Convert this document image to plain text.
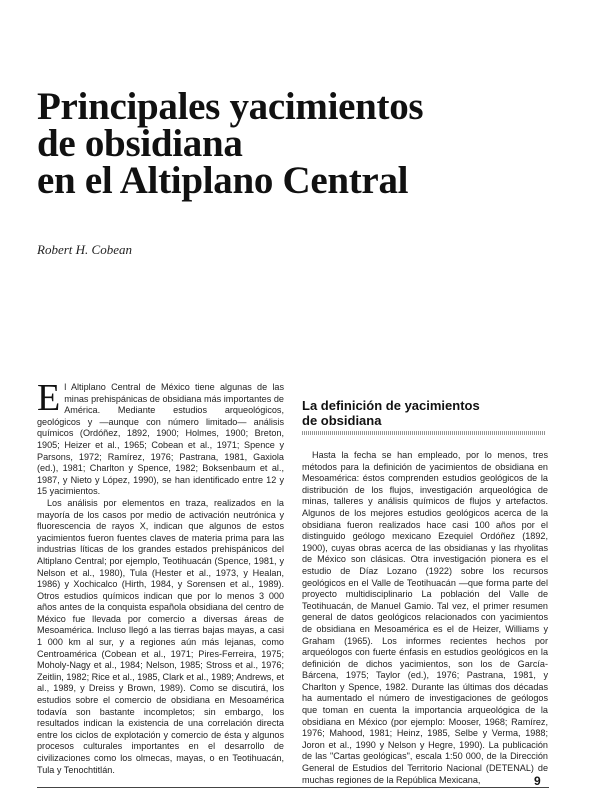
Principales yacimientos
de obsidiana
en el Altiplano Central
Robert H. Cobean

El Altiplano Central de México tiene algunas de las minas prehispánicas de obsidiana más importantes de América. Mediante estudios arqueológicos, geológicos y —aunque con número limitado— análisis químicos (Ordóñez, 1892, 1900; Holmes, 1900; Breton, 1905; Heizer et al., 1965; Cobean et al., 1971; Spence y Parsons, 1972; Ramírez, 1976; Pastrana, 1981, Gaxiola (ed.), 1981; Charlton y Spence, 1982; Boksenbaum et al., 1987, y Nieto y López, 1990), se han identificado entre 12 y 15 yacimientos.

Los análisis por elementos en traza, realizados en la mayoría de los casos por medio de activación neutrónica y fluorescencia de rayos X, indican que algunos de estos yacimientos fueron fuentes claves de materia prima para las industrias líticas de los grandes estados prehispánicos del Altiplano Central; por ejemplo, Teotihuacán (Spence, 1981, y Nelson et al., 1980), Tula (Hester et al., 1973, y Healan, 1986) y Xochicalco (Hirth, 1984, y Sorensen et al., 1989). Otros estudios químicos indican que por lo menos 3 000 años antes de la conquista española obsidiana del centro de México fue llevada por comercio a diversas áreas de Mesoamérica. Incluso llegó a las tierras bajas mayas, a casi 1 000 km al sur, y a regiones aún más lejanas, como Centroamérica (Cobean et al., 1971; Pires-Ferreira, 1975; Moholy-Nagy et al., 1984; Nelson, 1985; Stross et al., 1976; Zeitlin, 1982; Rice et al., 1985, Clark et al., 1989; Andrews, et al., 1989, y Dreiss y Brown, 1989). Como se discutirá, los estudios sobre el comercio de obsidiana en Mesoamérica todavía son bastante incompletos; sin embargo, los resultados indican la existencia de una correlación directa entre los ciclos de explotación y comercio de ésta y algunos procesos culturales importantes en el desarrollo de civilizaciones como los olmecas, mayas, o en Teotihuacán, Tula y Tenochtitlán.

La definición de yacimientos
de obsidiana

Hasta la fecha se han empleado, por lo menos, tres métodos para la definición de yacimientos de obsidiana en Mesoamérica: éstos comprenden estudios geológicos de la distribución de los flujos, investigación arqueológica de minas, talleres y análisis químicos de flujos y artefactos. Algunos de los mejores estudios geológicos acerca de la obsidiana fueron realizados hace casi 100 años por el distinguido geólogo mexicano Ezequiel Ordóñez (1892, 1900), cuyas obras acerca de las obsidianas y las rhyolitas de México son clásicas. Otra investigación pionera es el estudio de Díaz Lozano (1922) sobre los recursos geológicos en el Valle de Teotihuacán —que forma parte del proyecto multidisciplinario La población del Valle de Teotihuacán, de Manuel Gamio. Tal vez, el primer resumen general de datos geológicos relacionados con yacimientos de obsidiana en Mesoamérica es el de Heizer, Williams y Graham (1965). Los informes recientes hechos por arqueólogos con fuerte énfasis en estudios geológicos en la definición de dichos yacimientos, son los de García-Bárcena, 1975; Taylor (ed.), 1976; Pastrana, 1981, y Charlton y Spence, 1982. Durante las últimas dos décadas ha aumentado el número de investigaciones de geólogos que toman en cuenta la importancia arqueológica de la obsidiana en México (por ejemplo: Mooser, 1968; Ramírez, 1976; Mahood, 1981; Heinz, 1985, Selbe y Verma, 1988; Joron et al., 1990 y Nelson y Hegre, 1990). La publicación de las "Cartas geológicas", escala 1:50 000, de la Dirección General de Estudios del Territorio Nacional (DETENAL) de muchas regiones de la República Mexicana,	9
